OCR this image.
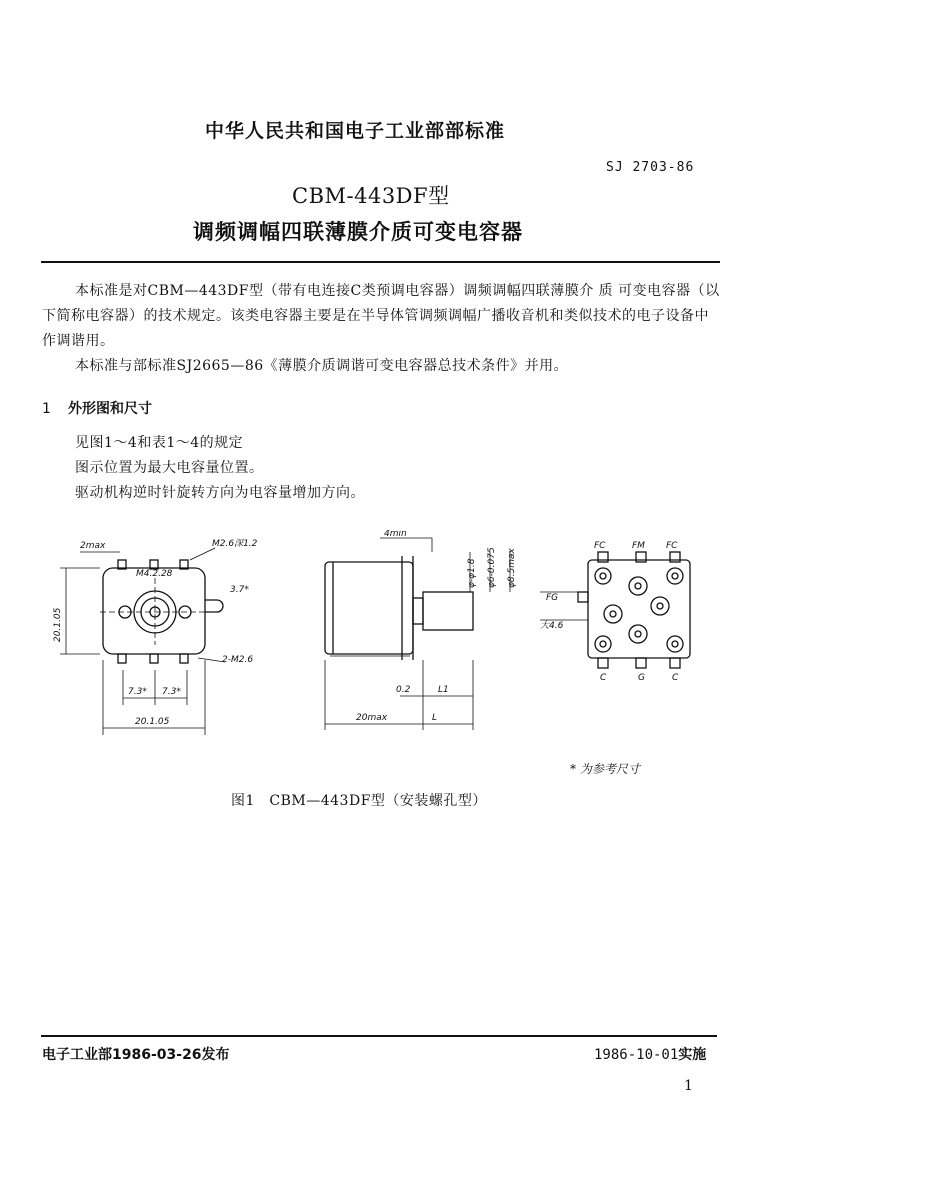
中华人民共和国电子工业部部标准
SJ 2703-86
CBM-443DF型
调频调幅四联薄膜介质可变电容器
本标准是对CBM—443DF型（带有电连接C类预调电容器）调频调幅四联薄膜介 质 可变电容器（以下简称电容器）的技术规定。该类电容器主要是在半导体管调频调幅广播收音机和类似技术的电子设备中作调谐用。
本标准与部标准SJ2665—86《薄膜介质调谐可变电容器总技术条件》并用。
1 外形图和尺寸
见图1～4和表1～4的规定
图示位置为最大电容量位置。
驱动机构逆时针旋转方向为电容量增加方向。
2max	M2.6深1.2
M4.2.28
3.7*
2-M2.6
7.3* 7.3*
20.1.05
20.1.05
4min
φ-φ1.8 φ6-0.075 φ8.5max
0.2	L1
20max	L
FC	FM FC
FG
大4.6
C	G	C
* 为参考尺寸
图1　CBM—443DF型（安装螺孔型）
电子工业部1986-03-26发布	1986-10-01实施
1
